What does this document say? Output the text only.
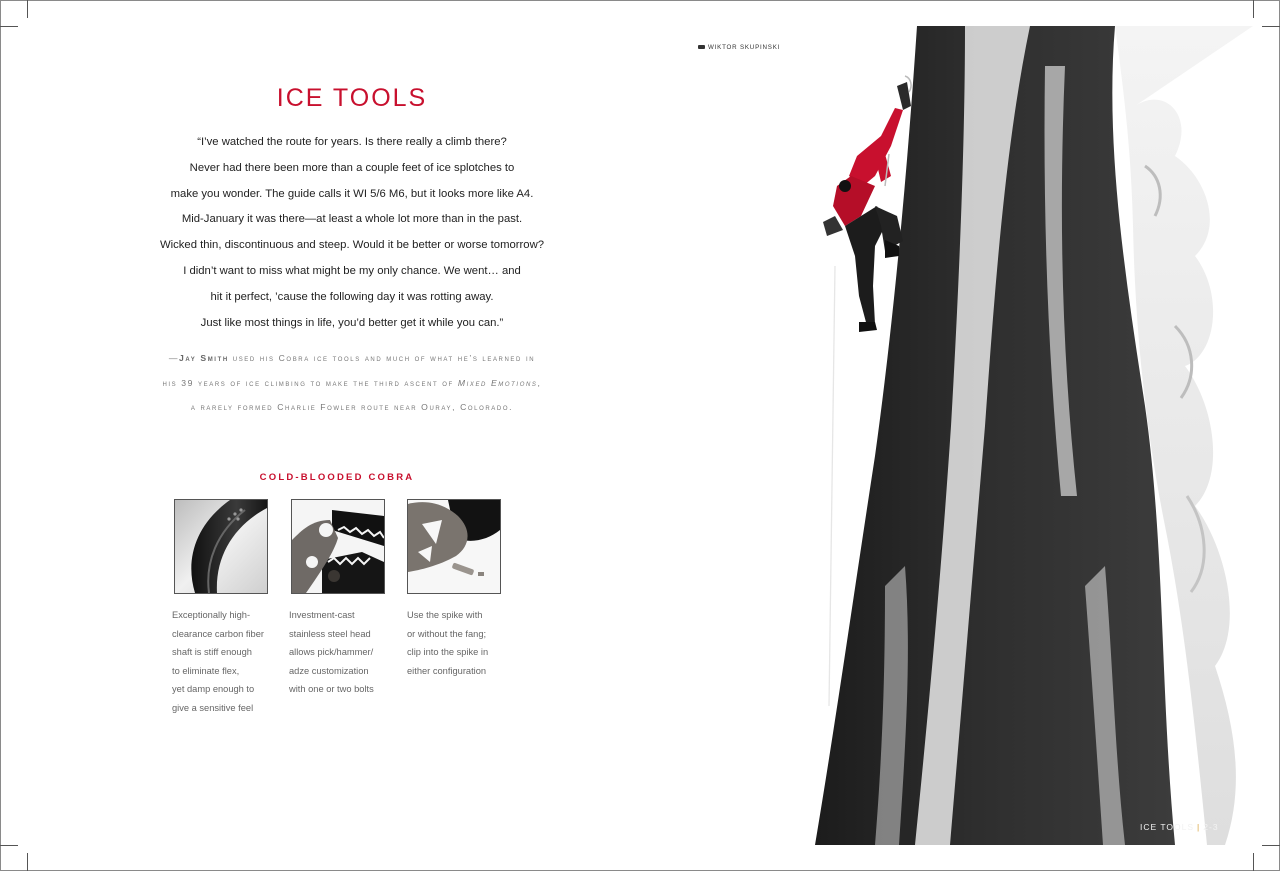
ICE TOOLS
“I’ve watched the route for years. Is there really a climb there?
Never had there been more than a couple feet of ice splotches to
make you wonder. The guide calls it WI 5/6 M6, but it looks more like A4.
Mid-January it was there—at least a whole lot more than in the past.
Wicked thin, discontinuous and steep. Would it be better or worse tomorrow?
I didn’t want to miss what might be my only chance. We went… and
hit it perfect, ’cause the following day it was rotting away.
Just like most things in life, you’d better get it while you can.”
—Jay Smith used his Cobra ice tools and much of what he’s learned in
his 39 years of ice climbing to make the third ascent of Mixed Emotions,
a rarely formed Charlie Fowler route near Ouray, Colorado.
COLD-BLOODED COBRA
Exceptionally high-
clearance carbon fiber
shaft is stiff enough
to eliminate flex,
yet damp enough to
give a sensitive feel
Investment-cast
stainless steel head
allows pick/hammer/
adze customization
with one or two bolts
Use the spike with
or without the fang;
clip into the spike in
either configuration
WIKTOR SKUPINSKI
ICE TOOLS | 2-3
